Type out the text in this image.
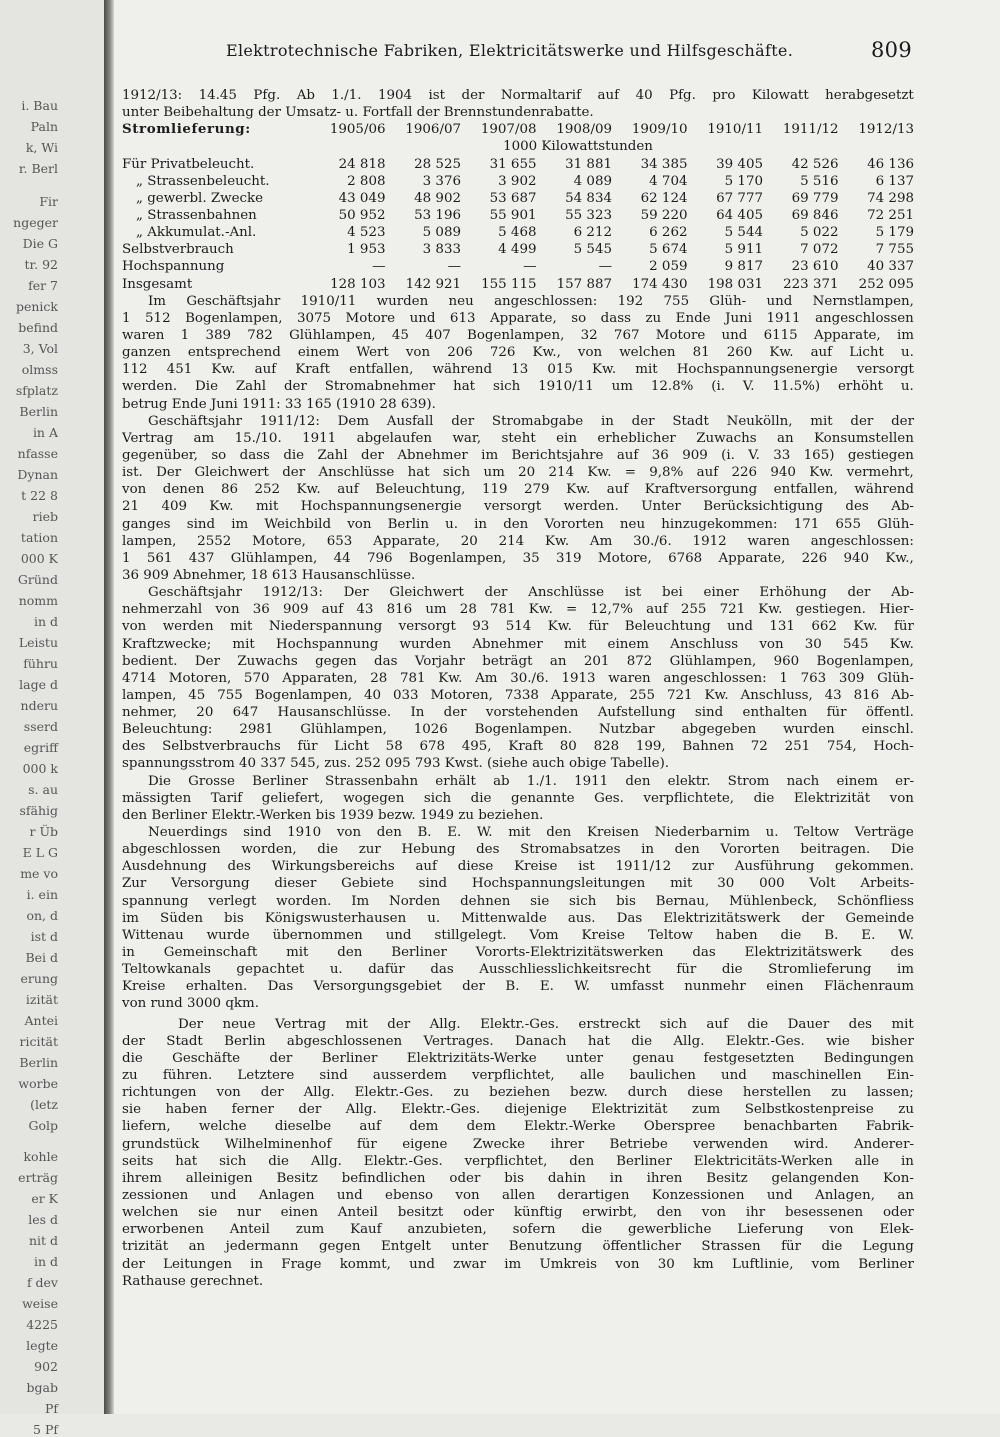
i. Bau
Paln
k, Wi
r. Berl
Fir
ngeger
Die G
tr. 92
fer 7
penick
befind
3, Vol
olmss
sfplatz
Berlin
in A
nfasse
Dynan
t 22 8
rieb
tation
000 K
Gründ
nomm
in d
Leistu
führu
lage d
nderu
sserd
egriff
000 k
s. au
sfähig
r Üb
E L G
me vo
i. ein
on, d
ist d
Bei d
erung
izität
Antei
ricität
Berlin
worbe
(letz
Golp
kohle
erträg
er K
les d
nit d
in d
f dev
weise
4225
legte
902
bgab
Pf
5 Pf
Elektrotechnische Fabriken, Elektricitätswerke und Hilfsgeschäfte.	809
1912/13: 14.45 Pfg. Ab 1./1. 1904 ist der Normaltarif auf 40 Pfg. pro Kilowatt herabgesetzt
unter Beibehaltung der Umsatz- u. Fortfall der Brennstundenrabatte.
Stromlieferung:	1905/06	1906/07	1907/08	1908/09	1909/10	1910/11	1911/12	1912/13
1000 Kilowattstunden
Für Privatbeleucht.	24 818	28 525	31 655	31 881	34 385	39 405	42 526	46 136
„ Strassenbeleucht.	2 808	3 376	3 902	4 089	4 704	5 170	5 516	6 137
„ gewerbl. Zwecke	43 049	48 902	53 687	54 834	62 124	67 777	69 779	74 298
„ Strassenbahnen	50 952	53 196	55 901	55 323	59 220	64 405	69 846	72 251
„ Akkumulat.-Anl.	4 523	5 089	5 468	6 212	6 262	5 544	5 022	5 179
Selbstverbrauch	1 953	3 833	4 499	5 545	5 674	5 911	7 072	7 755
Hochspannung	—	—	—	—	2 059	9 817	23 610	40 337
Insgesamt	128 103	142 921	155 115	157 887	174 430	198 031	223 371	252 095
Im Geschäftsjahr 1910/11 wurden neu angeschlossen: 192 755 Glüh- und Nernstlampen,
1 512 Bogenlampen, 3075 Motore und 613 Apparate, so dass zu Ende Juni 1911 angeschlossen
waren 1 389 782 Glühlampen, 45 407 Bogenlampen, 32 767 Motore und 6115 Apparate, im
ganzen entsprechend einem Wert von 206 726 Kw., von welchen 81 260 Kw. auf Licht u.
112 451 Kw. auf Kraft entfallen, während 13 015 Kw. mit Hochspannungsenergie versorgt
werden. Die Zahl der Stromabnehmer hat sich 1910/11 um 12.8% (i. V. 11.5%) erhöht u.
betrug Ende Juni 1911: 33 165 (1910 28 639).
Geschäftsjahr 1911/12: Dem Ausfall der Stromabgabe in der Stadt Neukölln, mit der der
Vertrag am 15./10. 1911 abgelaufen war, steht ein erheblicher Zuwachs an Konsumstellen
gegenüber, so dass die Zahl der Abnehmer im Berichtsjahre auf 36 909 (i. V. 33 165) gestiegen
ist. Der Gleichwert der Anschlüsse hat sich um 20 214 Kw. = 9,8% auf 226 940 Kw. vermehrt,
von denen 86 252 Kw. auf Beleuchtung, 119 279 Kw. auf Kraftversorgung entfallen, während
21 409 Kw. mit Hochspannungsenergie versorgt werden. Unter Berücksichtigung des Ab-
ganges sind im Weichbild von Berlin u. in den Vororten neu hinzugekommen: 171 655 Glüh-
lampen, 2552 Motore, 653 Apparate, 20 214 Kw. Am 30./6. 1912 waren angeschlossen:
1 561 437 Glühlampen, 44 796 Bogenlampen, 35 319 Motore, 6768 Apparate, 226 940 Kw.,
36 909 Abnehmer, 18 613 Hausanschlüsse.
Geschäftsjahr 1912/13: Der Gleichwert der Anschlüsse ist bei einer Erhöhung der Ab-
nehmerzahl von 36 909 auf 43 816 um 28 781 Kw. = 12,7% auf 255 721 Kw. gestiegen. Hier-
von werden mit Niederspannung versorgt 93 514 Kw. für Beleuchtung und 131 662 Kw. für
Kraftzwecke; mit Hochspannung wurden Abnehmer mit einem Anschluss von 30 545 Kw.
bedient. Der Zuwachs gegen das Vorjahr beträgt an 201 872 Glühlampen, 960 Bogenlampen,
4714 Motoren, 570 Apparaten, 28 781 Kw. Am 30./6. 1913 waren angeschlossen: 1 763 309 Glüh-
lampen, 45 755 Bogenlampen, 40 033 Motoren, 7338 Apparate, 255 721 Kw. Anschluss, 43 816 Ab-
nehmer, 20 647 Hausanschlüsse. In der vorstehenden Aufstellung sind enthalten für öffentl.
Beleuchtung: 2981 Glühlampen, 1026 Bogenlampen. Nutzbar abgegeben wurden einschl.
des Selbstverbrauchs für Licht 58 678 495, Kraft 80 828 199, Bahnen 72 251 754, Hoch-
spannungsstrom 40 337 545, zus. 252 095 793 Kwst. (siehe auch obige Tabelle).
Die Grosse Berliner Strassenbahn erhält ab 1./1. 1911 den elektr. Strom nach einem er-
mässigten Tarif geliefert, wogegen sich die genannte Ges. verpflichtete, die Elektrizität von
den Berliner Elektr.-Werken bis 1939 bezw. 1949 zu beziehen.
Neuerdings sind 1910 von den B. E. W. mit den Kreisen Niederbarnim u. Teltow Verträge
abgeschlossen worden, die zur Hebung des Stromabsatzes in den Vororten beitragen. Die
Ausdehnung des Wirkungsbereichs auf diese Kreise ist 1911/12 zur Ausführung gekommen.
Zur Versorgung dieser Gebiete sind Hochspannungsleitungen mit 30 000 Volt Arbeits-
spannung verlegt worden. Im Norden dehnen sie sich bis Bernau, Mühlenbeck, Schönfliess
im Süden bis Königswusterhausen u. Mittenwalde aus. Das Elektrizitätswerk der Gemeinde
Wittenau wurde übernommen und stillgelegt. Vom Kreise Teltow haben die B. E. W.
in Gemeinschaft mit den Berliner Vororts-Elektrizitätswerken das Elektrizitätswerk des
Teltowkanals gepachtet u. dafür das Ausschliesslichkeitsrecht für die Stromlieferung im
Kreise erhalten. Das Versorgungsgebiet der B. E. W. umfasst nunmehr einen Flächenraum
von rund 3000 qkm.
Der neue Vertrag mit der Allg. Elektr.-Ges. erstreckt sich auf die Dauer des mit
der Stadt Berlin abgeschlossenen Vertrages. Danach hat die Allg. Elektr.-Ges. wie bisher
die Geschäfte der Berliner Elektrizitäts-Werke unter genau festgesetzten Bedingungen
zu führen. Letztere sind ausserdem verpflichtet, alle baulichen und maschinellen Ein-
richtungen von der Allg. Elektr.-Ges. zu beziehen bezw. durch diese herstellen zu lassen;
sie haben ferner der Allg. Elektr.-Ges. diejenige Elektrizität zum Selbstkostenpreise zu
liefern, welche dieselbe auf dem dem Elektr.-Werke Oberspree benachbarten Fabrik-
grundstück Wilhelminenhof für eigene Zwecke ihrer Betriebe verwenden wird. Anderer-
seits hat sich die Allg. Elektr.-Ges. verpflichtet, den Berliner Elektricitäts-Werken alle in
ihrem alleinigen Besitz befindlichen oder bis dahin in ihren Besitz gelangenden Kon-
zessionen und Anlagen und ebenso von allen derartigen Konzessionen und Anlagen, an
welchen sie nur einen Anteil besitzt oder künftig erwirbt, den von ihr besessenen oder
erworbenen Anteil zum Kauf anzubieten, sofern die gewerbliche Lieferung von Elek-
trizität an jedermann gegen Entgelt unter Benutzung öffentlicher Strassen für die Legung
der Leitungen in Frage kommt, und zwar im Umkreis von 30 km Luftlinie, vom Berliner
Rathause gerechnet.
